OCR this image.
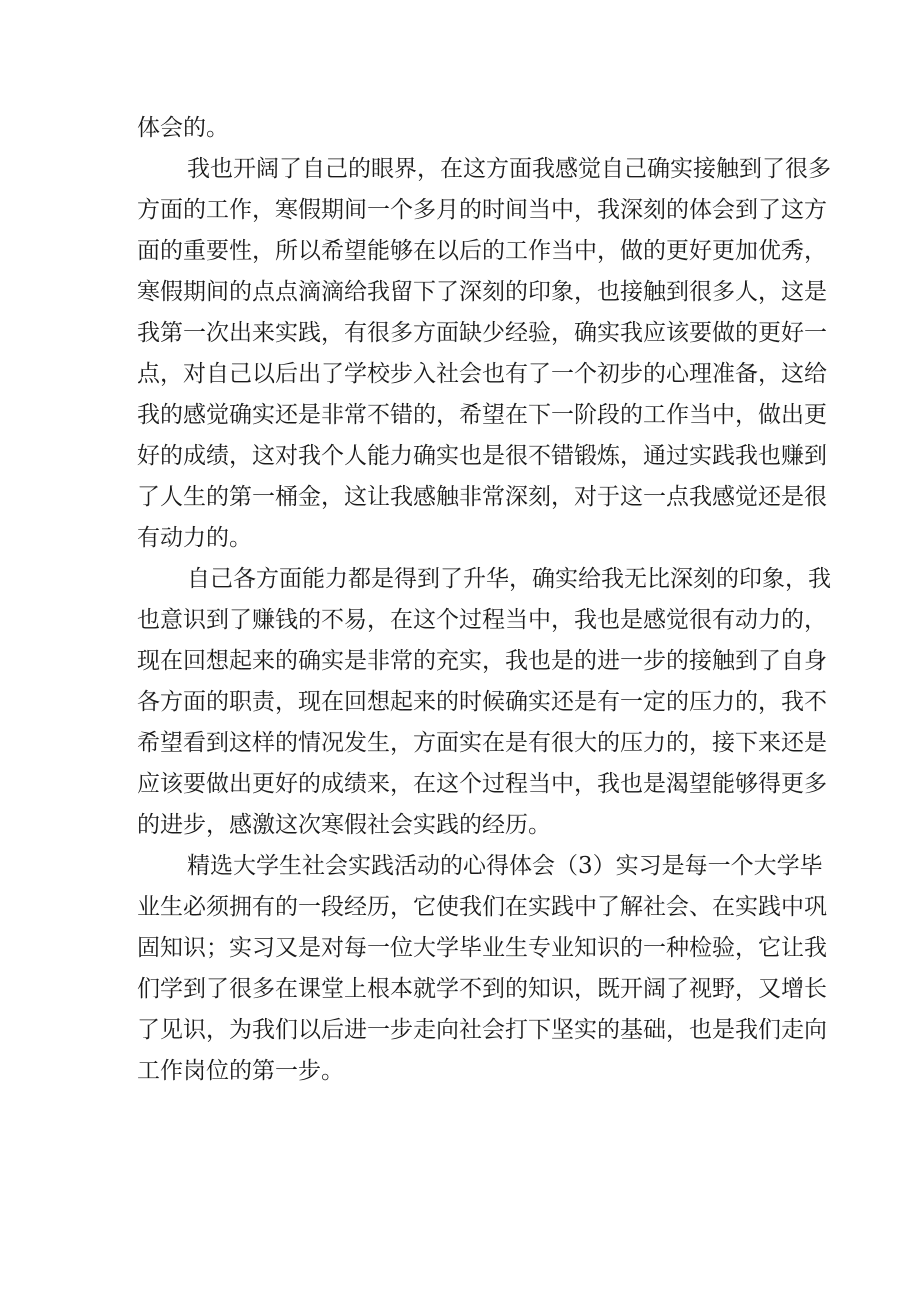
体会的。
我也开阔了自己的眼界，在这方面我感觉自己确实接触到了很多
方面的工作，寒假期间一个多月的时间当中，我深刻的体会到了这方
面的重要性，所以希望能够在以后的工作当中，做的更好更加优秀，
寒假期间的点点滴滴给我留下了深刻的印象，也接触到很多人，这是
我第一次出来实践，有很多方面缺少经验，确实我应该要做的更好一
点，对自己以后出了学校步入社会也有了一个初步的心理准备，这给
我的感觉确实还是非常不错的，希望在下一阶段的工作当中，做出更
好的成绩，这对我个人能力确实也是很不错锻炼，通过实践我也赚到
了人生的第一桶金，这让我感触非常深刻，对于这一点我感觉还是很
有动力的。
自己各方面能力都是得到了升华，确实给我无比深刻的印象，我
也意识到了赚钱的不易，在这个过程当中，我也是感觉很有动力的，
现在回想起来的确实是非常的充实，我也是的进一步的接触到了自身
各方面的职责，现在回想起来的时候确实还是有一定的压力的，我不
希望看到这样的情况发生，方面实在是有很大的压力的，接下来还是
应该要做出更好的成绩来，在这个过程当中，我也是渴望能够得更多
的进步，感激这次寒假社会实践的经历。
精选大学生社会实践活动的心得体会（3）实习是每一个大学毕
业生必须拥有的一段经历，它使我们在实践中了解社会、在实践中巩
固知识；实习又是对每一位大学毕业生专业知识的一种检验，它让我
们学到了很多在课堂上根本就学不到的知识，既开阔了视野，又增长
了见识，为我们以后进一步走向社会打下坚实的基础，也是我们走向
工作岗位的第一步。
